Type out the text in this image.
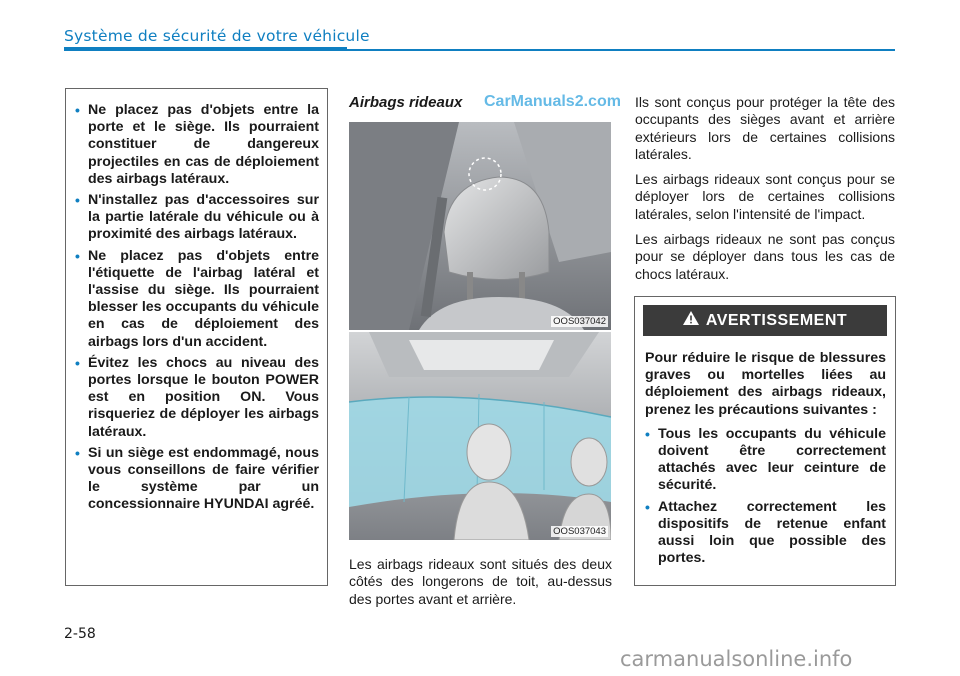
Système de sécurité de votre véhicule
• Ne placez pas d'objets entre la porte et le siège. Ils pourraient constituer de dangereux projectiles en cas de déploiement des airbags latéraux.
• N'installez pas d'accessoires sur la partie latérale du véhicule ou à proximité des airbags latéraux.
• Ne placez pas d'objets entre l'étiquette de l'airbag latéral et l'assise du siège. Ils pourraient blesser les occupants du véhicule en cas de déploiement des airbags lors d'un accident.
• Évitez les chocs au niveau des portes lorsque le bouton POWER est en position ON. Vous risqueriez de déployer les airbags latéraux.
• Si un siège est endommagé, nous vous conseillons de faire vérifier le système par un concessionnaire HYUNDAI agréé.
Airbags rideaux CarManuals2.com
OOS037042
OOS037043
Les airbags rideaux sont situés des deux côtés des longerons de toit, au-dessus des portes avant et arrière.

Ils sont conçus pour protéger la tête des occupants des sièges avant et arrière extérieurs lors de certaines collisions latérales.

Les airbags rideaux sont conçus pour se déployer lors de certaines collisions latérales, selon l'intensité de l'impact.

Les airbags rideaux ne sont pas conçus pour se déployer dans tous les cas de chocs latéraux.

AVERTISSEMENT

Pour réduire le risque de blessures graves ou mortelles liées au déploiement des airbags rideaux, prenez les précautions suivantes :

• Tous les occupants du véhicule doivent être correctement attachés avec leur ceinture de sécurité.
• Attachez correctement les dispositifs de retenue enfant aussi loin que possible des portes.
2-58
carmanualsonline.info
